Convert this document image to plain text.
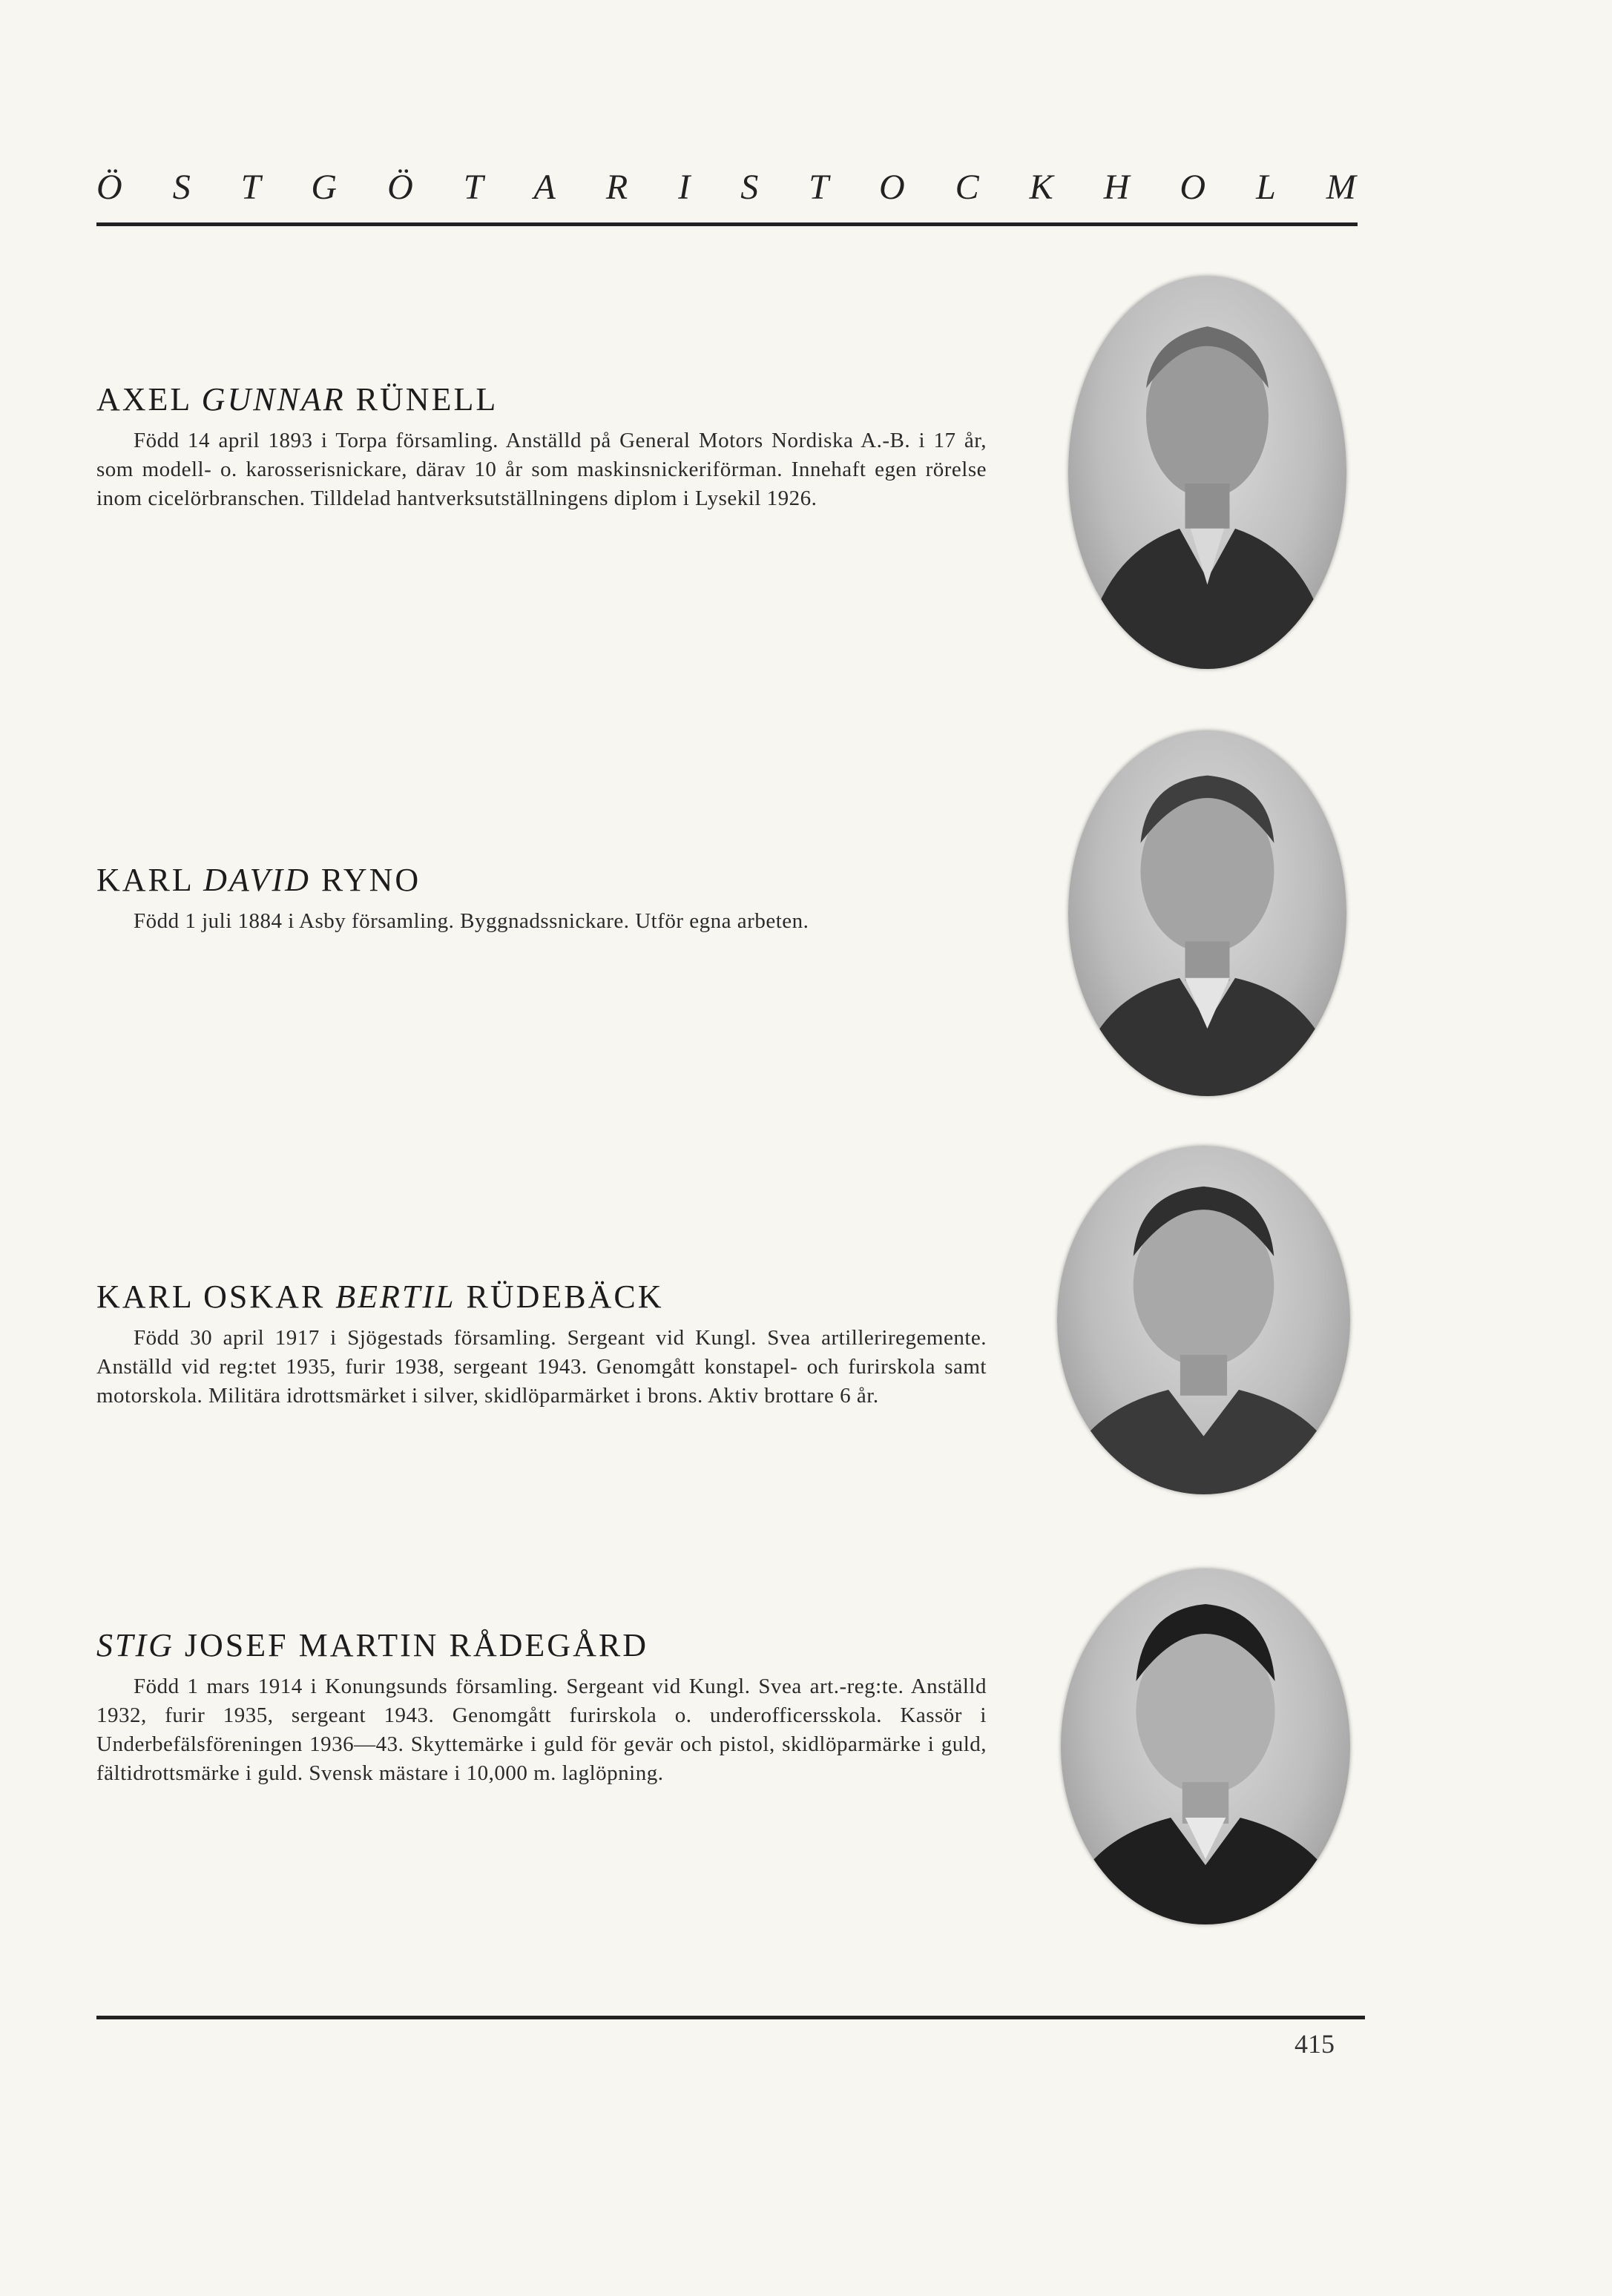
Ö S T G Ö T A R I S T O C K H O L M
AXEL GUNNAR RÜNELL

Född 14 april 1893 i Torpa församling. Anställd på General Motors Nordiska A.-B. i 17 år, som modell- o. karosserisnickare, därav 10 år som maskinsnickeriförman. Innehaft egen rörelse inom cicelörbranschen. Tilldelad hantverksutställningens diplom i Lysekil 1926.

KARL DAVID RYNO

Född 1 juli 1884 i Asby församling. Byggnadssnickare. Utför egna arbeten.

KARL OSKAR BERTIL RÜDEBÄCK

Född 30 april 1917 i Sjögestads församling. Sergeant vid Kungl. Svea artilleriregemente. Anställd vid reg:tet 1935, furir 1938, sergeant 1943. Genomgått konstapel- och furirskola samt motorskola. Militära idrottsmärket i silver, skidlöparmärket i brons. Aktiv brottare 6 år.

STIG JOSEF MARTIN RÅDEGÅRD

Född 1 mars 1914 i Konungsunds församling. Sergeant vid Kungl. Svea art.-reg:te. Anställd 1932, furir 1935, sergeant 1943. Genomgått furirskola o. underofficersskola. Kassör i Underbefälsföreningen 1936—43. Skyttemärke i guld för gevär och pistol, skidlöparmärke i guld, fältidrottsmärke i guld. Svensk mästare i 10,000 m. laglöpning.

415
